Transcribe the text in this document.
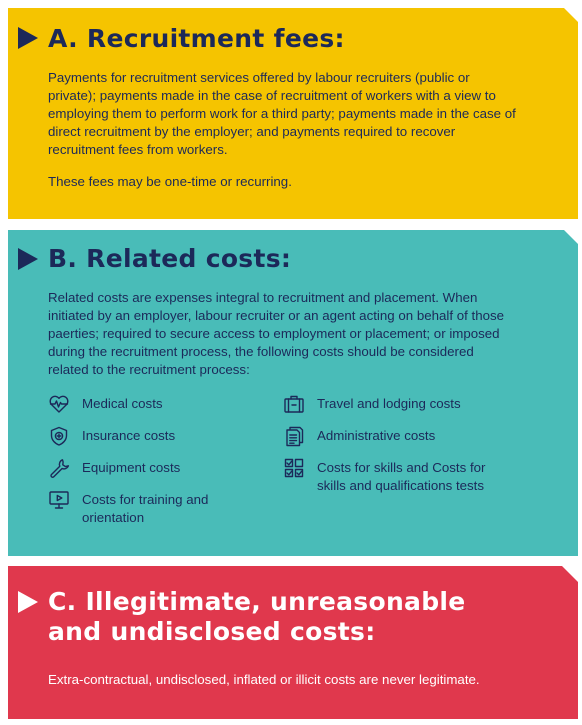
A. Recruitment fees:

Payments for recruitment services offered by labour recruiters (public or private); payments made in the case of recruitment of workers with a view to employing them to perform work for a third party; payments made in the case of direct recruitment by the employer; and payments required to recover recruitment fees from workers.

These fees may be one-time or recurring.

B. Related costs:

Related costs are expenses integral to recruitment and placement. When initiated by an employer, labour recruiter or an agent acting on behalf of those paerties; required to secure access to employment or placement; or imposed during the recruitment process, the following costs should be considered related to the recruitment process:

Medical costs
Insurance costs
Equipment costs
Costs for training and orientation
Travel and lodging costs
Administrative costs
Costs for skills and Costs for skills and qualifications tests
C. Illegitimate, unreasonable
and undisclosed costs:

Extra-contractual, undisclosed, inflated or illicit costs are never legitimate.
